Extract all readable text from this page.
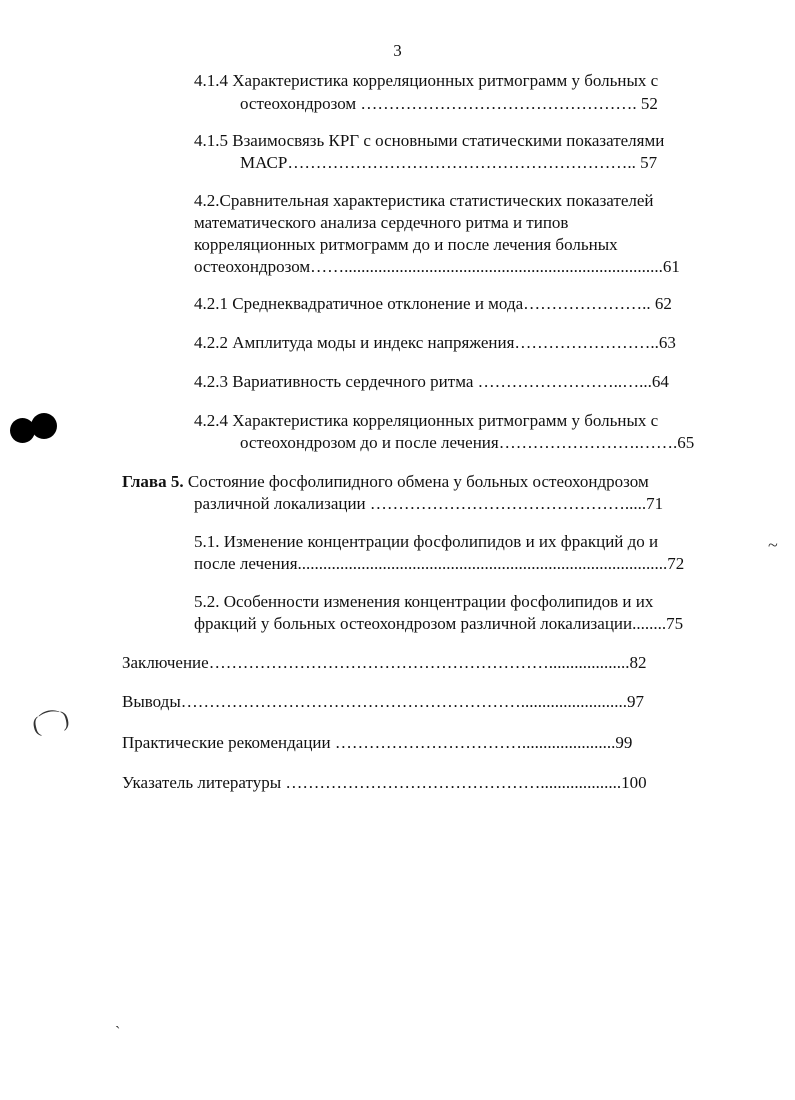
3
4.1.4 Характеристика корреляционных ритмограмм у больных с
остеохондрозом …………………………………………. 52
4.1.5 Взаимосвязь КРГ с основными статическими показателями
МАСР…………………………………………………….. 57
4.2.Сравнительная характеристика статистических показателей
математического анализа сердечного ритма и типов
корреляционных ритмограмм до и после лечения больных
остеохондрозом……...........................................................................61
4.2.1 Среднеквадратичное отклонение и мода………………….. 62
4.2.2 Амплитуда моды и индекс напряжения……………………..63
4.2.3 Вариативность сердечного ритма ……………………..…...64
4.2.4 Характеристика корреляционных ритмограмм у больных с
остеохондрозом до и после лечения…………………….…….65
Глава 5. Состояние фосфолипидного обмена у больных остеохондрозом
различной локализации ……………………………………….....71
5.1. Изменение концентрации фосфолипидов и их фракций до и
после лечения.......................................................................................72
5.2. Особенности изменения концентрации фосфолипидов и их
фракций у больных остеохондрозом различной локализации........75
Заключение……………………………………………………...................82
Выводы…………………………………………………….........................97
Практические рекомендации ……………………………......................99
Указатель литературы ………………………………………...................100
(⌒)
~
ˎ
